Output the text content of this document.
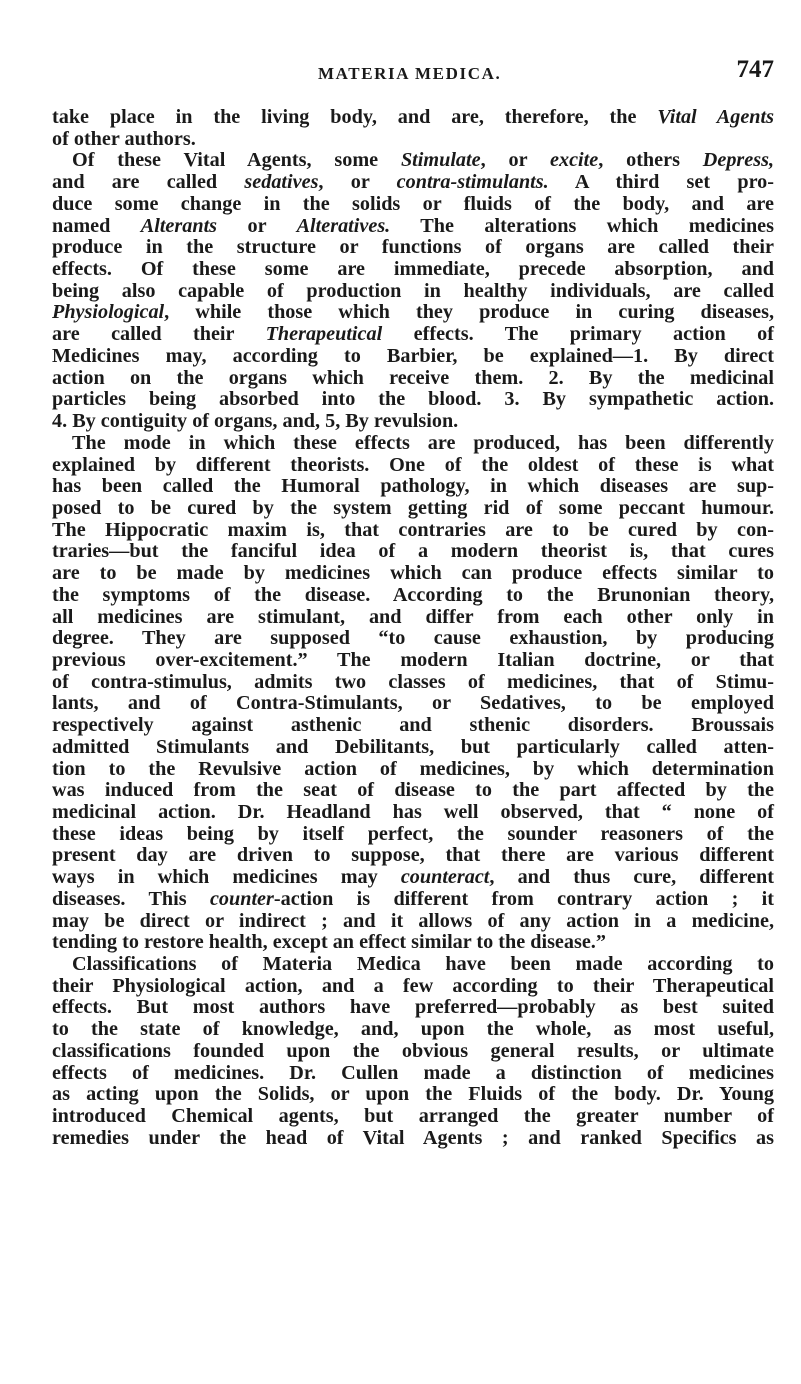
MATERIA MEDICA.	747
take place in the living body, and are, therefore, the Vital Agents
of other authors.
Of these Vital Agents, some Stimulate, or excite, others Depress,
and are called sedatives, or contra-stimulants. A third set pro-
duce some change in the solids or fluids of the body, and are
named Alterants or Alteratives. The alterations which medicines
produce in the structure or functions of organs are called their
effects. Of these some are immediate, precede absorption, and
being also capable of production in healthy individuals, are called
Physiological, while those which they produce in curing diseases,
are called their Therapeutical effects. The primary action of
Medicines may, according to Barbier, be explained—1. By direct
action on the organs which receive them. 2. By the medicinal
particles being absorbed into the blood. 3. By sympathetic action.
4. By contiguity of organs, and, 5, By revulsion.
The mode in which these effects are produced, has been differently
explained by different theorists. One of the oldest of these is what
has been called the Humoral pathology, in which diseases are sup-
posed to be cured by the system getting rid of some peccant humour.
The Hippocratic maxim is, that contraries are to be cured by con-
traries—but the fanciful idea of a modern theorist is, that cures
are to be made by medicines which can produce effects similar to
the symptoms of the disease. According to the Brunonian theory,
all medicines are stimulant, and differ from each other only in
degree. They are supposed “to cause exhaustion, by producing
previous over-excitement.” The modern Italian doctrine, or that
of contra-stimulus, admits two classes of medicines, that of Stimu-
lants, and of Contra-Stimulants, or Sedatives, to be employed
respectively against asthenic and sthenic disorders. Broussais
admitted Stimulants and Debilitants, but particularly called atten-
tion to the Revulsive action of medicines, by which determination
was induced from the seat of disease to the part affected by the
medicinal action. Dr. Headland has well observed, that “ none of
these ideas being by itself perfect, the sounder reasoners of the
present day are driven to suppose, that there are various different
ways in which medicines may counteract, and thus cure, different
diseases. This counter-action is different from contrary action ; it
may be direct or indirect ; and it allows of any action in a medicine,
tending to restore health, except an effect similar to the disease.”
Classifications of Materia Medica have been made according to
their Physiological action, and a few according to their Therapeutical
effects. But most authors have preferred—probably as best suited
to the state of knowledge, and, upon the whole, as most useful,
classifications founded upon the obvious general results, or ultimate
effects of medicines. Dr. Cullen made a distinction of medicines
as acting upon the Solids, or upon the Fluids of the body. Dr. Young
introduced Chemical agents, but arranged the greater number of
remedies under the head of Vital Agents ; and ranked Specifics as
